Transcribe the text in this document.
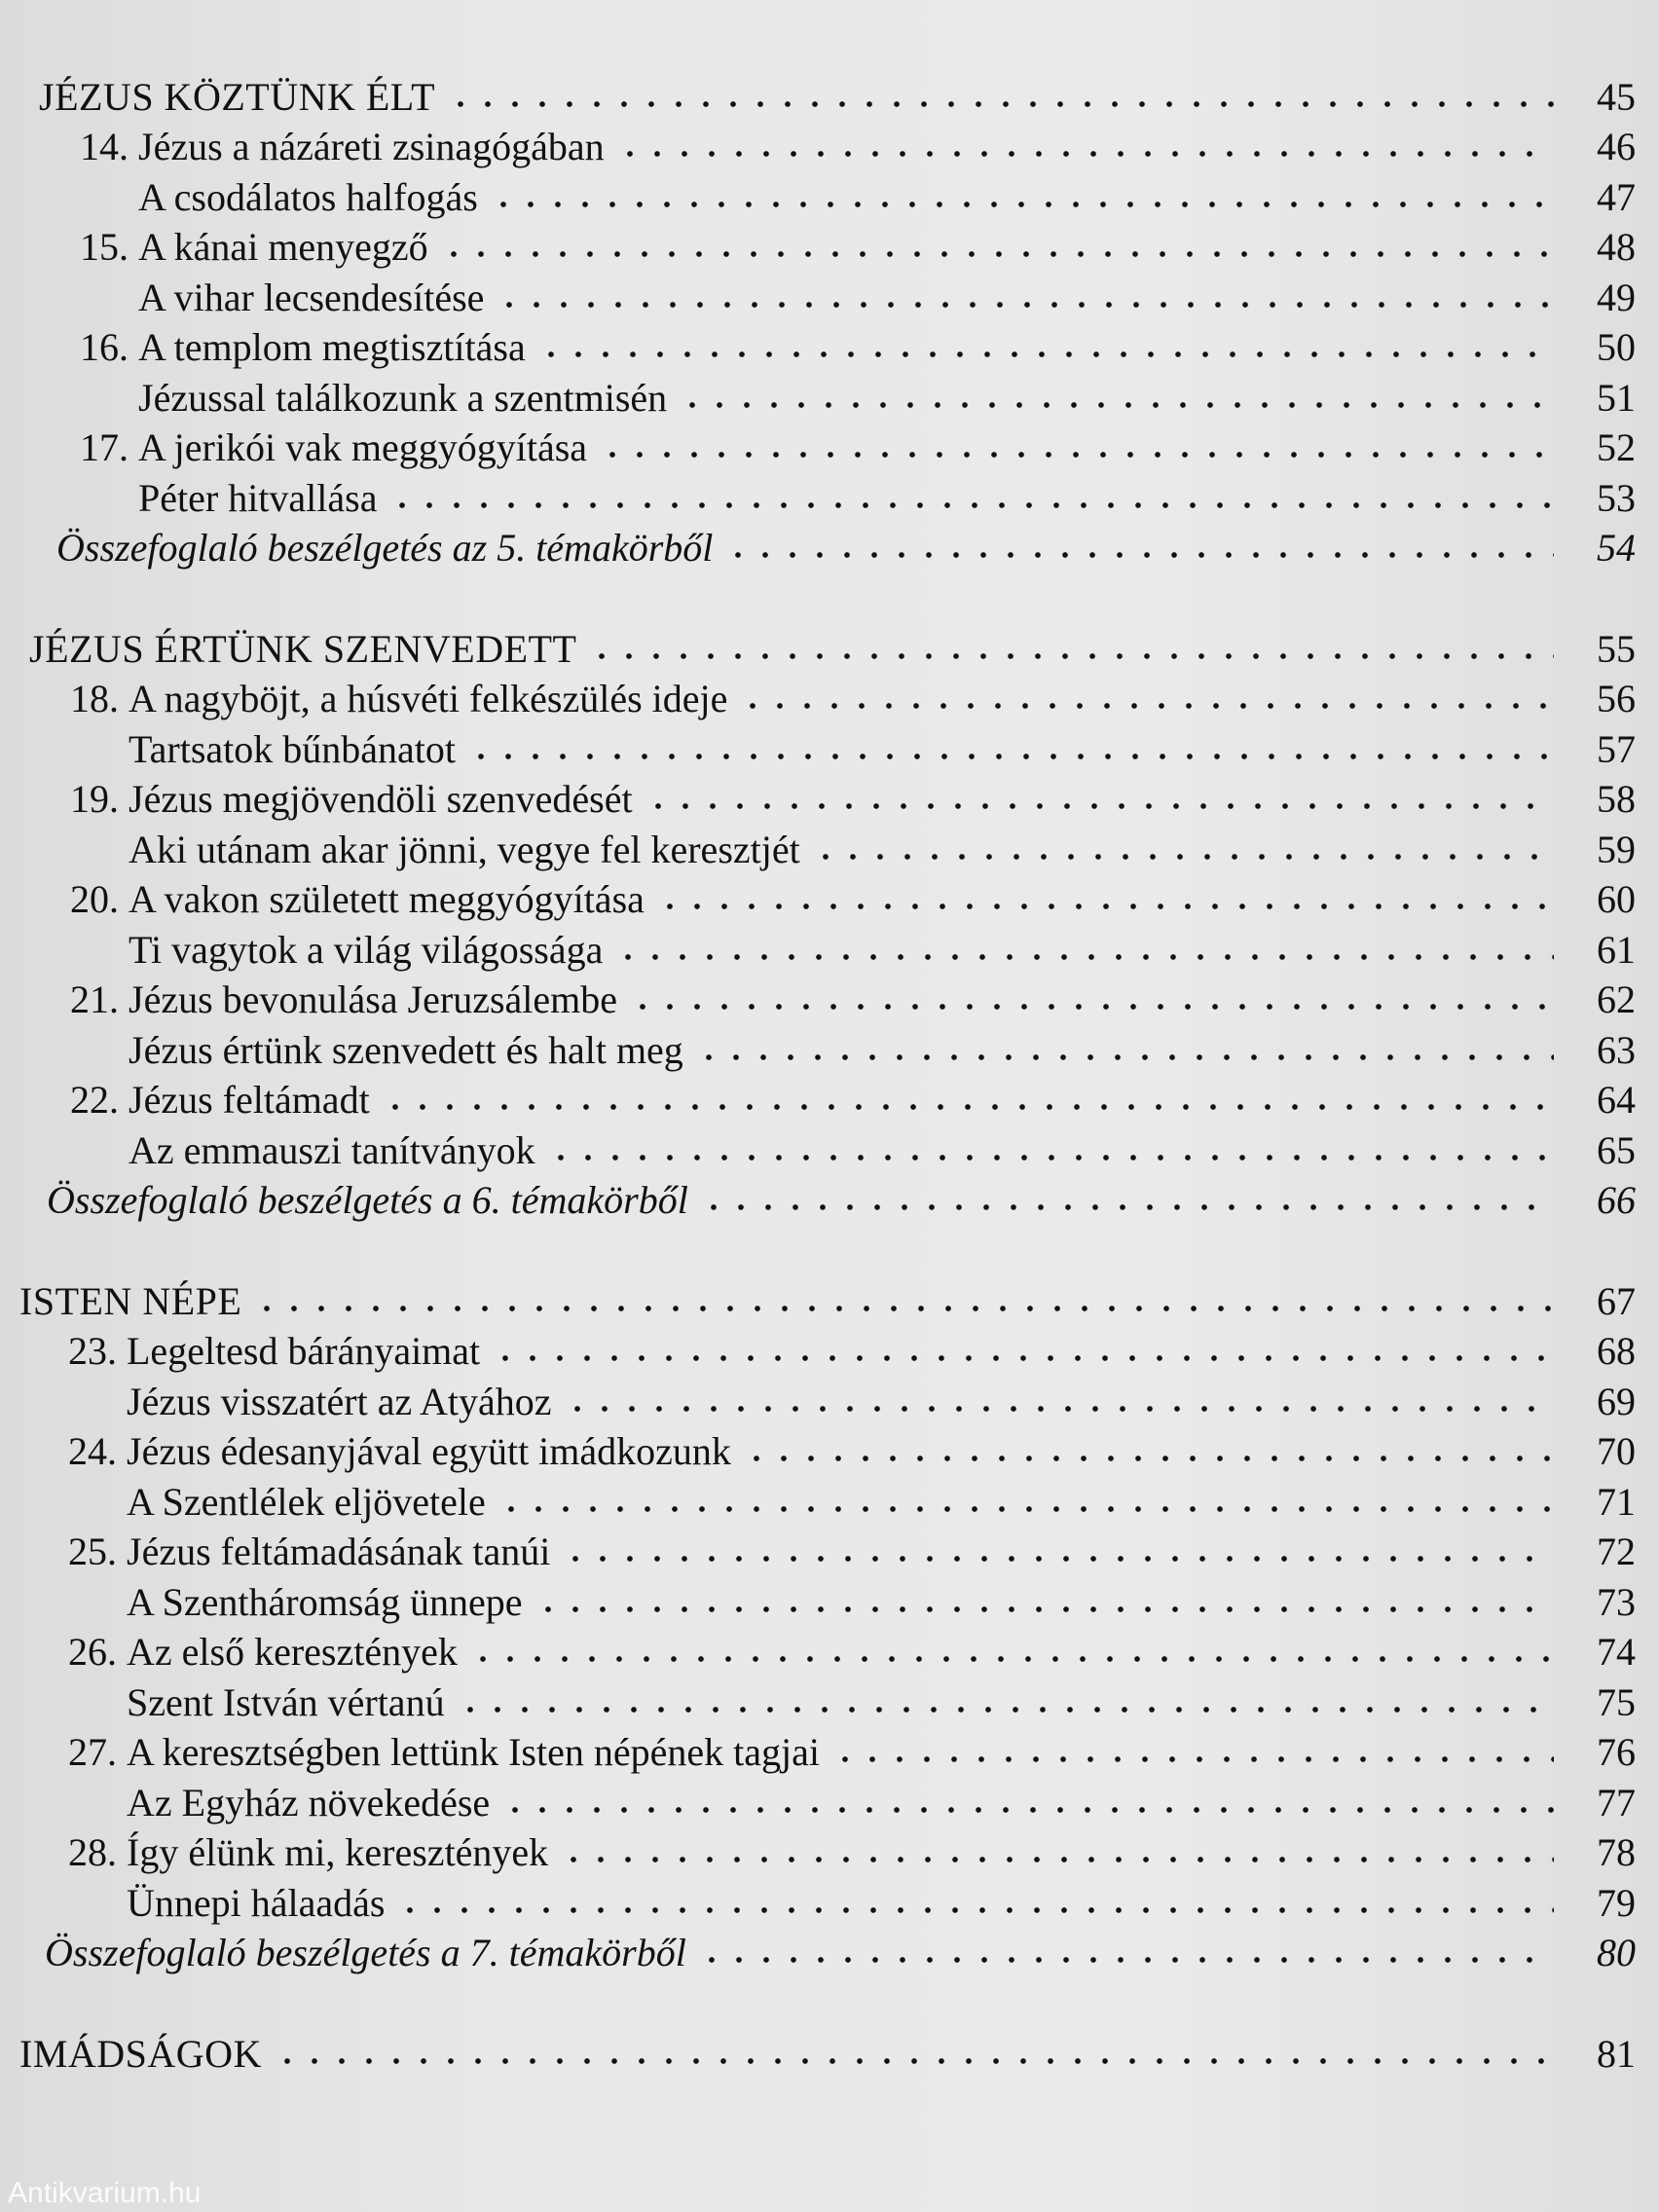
JÉZUS KÖZTÜNK ÉLT	45
14. Jézus a názáreti zsinagógában	46
A csodálatos halfogás	47
15. A kánai menyegző	48
A vihar lecsendesítése	49
16. A templom megtisztítása	50
Jézussal találkozunk a szentmisén	51
17. A jerikói vak meggyógyítása	52
Péter hitvallása	53
Összefoglaló beszélgetés az 5. témakörből	54
JÉZUS ÉRTÜNK SZENVEDETT	55
18. A nagyböjt, a húsvéti felkészülés ideje	56
Tartsatok bűnbánatot	57
19. Jézus megjövendöli szenvedését	58
Aki utánam akar jönni, vegye fel keresztjét	59
20. A vakon született meggyógyítása	60
Ti vagytok a világ világossága	61
21. Jézus bevonulása Jeruzsálembe	62
Jézus értünk szenvedett és halt meg	63
22. Jézus feltámadt	64
Az emmauszi tanítványok	65
Összefoglaló beszélgetés a 6. témakörből	66
ISTEN NÉPE	67
23. Legeltesd bárányaimat	68
Jézus visszatért az Atyához	69
24. Jézus édesanyjával együtt imádkozunk	70
A Szentlélek eljövetele	71
25. Jézus feltámadásának tanúi	72
A Szentháromság ünnepe	73
26. Az első keresztények	74
Szent István vértanú	75
27. A keresztségben lettünk Isten népének tagjai	76
Az Egyház növekedése	77
28. Így élünk mi, keresztények	78
Ünnepi hálaadás	79
Összefoglaló beszélgetés a 7. témakörből	80
IMÁDSÁGOK	81
Antikvarium.hu
